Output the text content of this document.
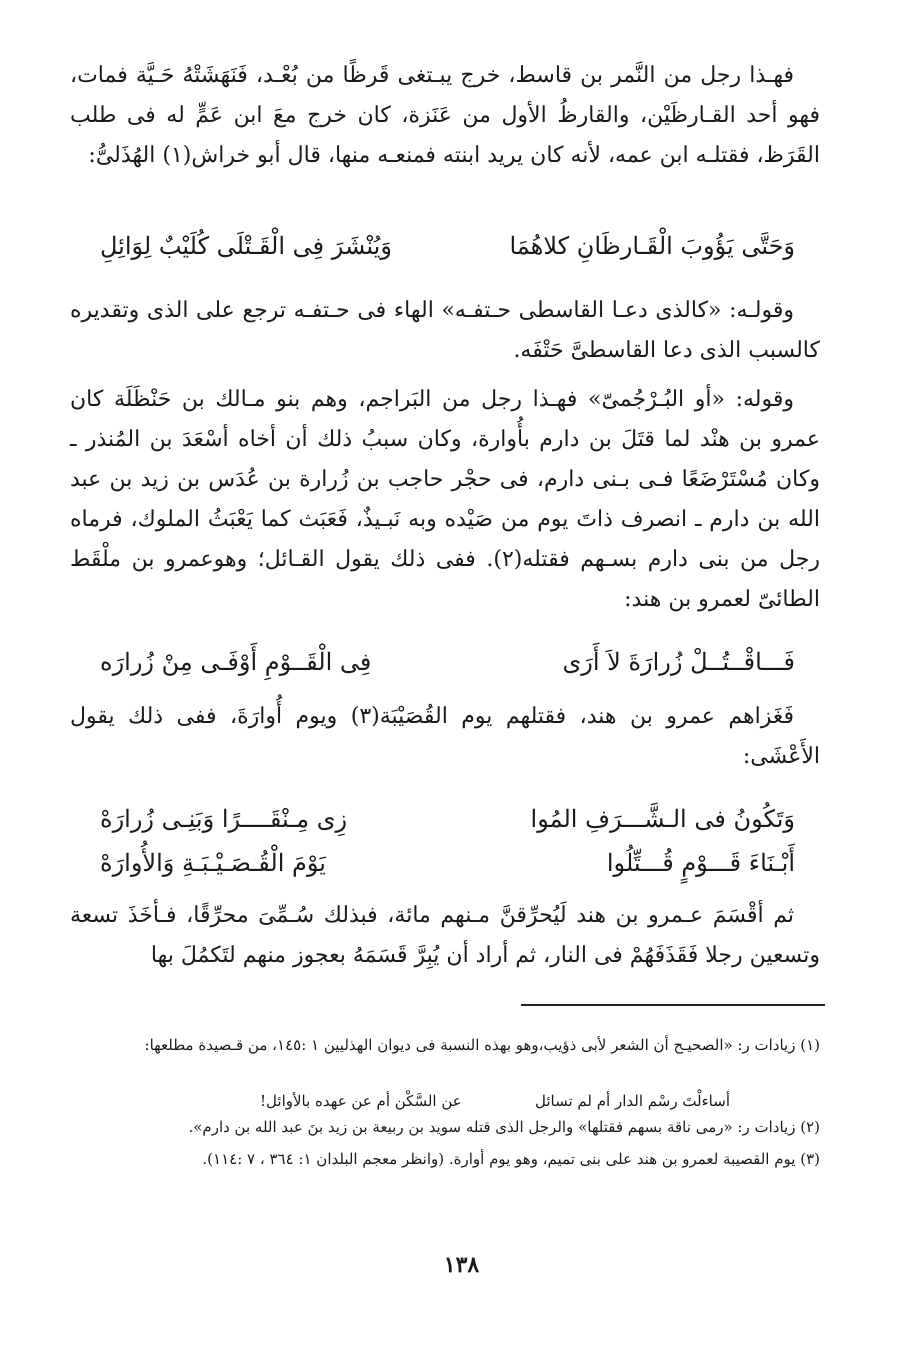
فهـذا رجل من النَّمر بن قاسط، خرج يبـتغى قَرظًا من بُعْـد، فَنَهَشَتْهُ حَـيَّة فمات، فهو أحد القـارظَيْن، والقارظُ الأول من عَنَزة، كان خرج معَ ابن عَمٍّ له فى طلب القَرَظ، فقتلـه ابن عمه، لأنه كان يريد ابنته فمنعـه منها، قال أبو خراش(١) الهُذَلىُّ:

وَحَتَّى يَؤُوبَ الْقَـارظَانِ كلاهُمَا
وَيُنْشَرَ فِى الْقَـتْلَى كُلَيْبٌ لِوَائِلِ

وقولـه: «كالذى دعـا القاسطى حـتفـه» الهاء فى حـتفـه ترجع على الذى وتقديره كالسبب الذى دعا القاسطىَّ حَتْفَه.

وقوله: «أو البُـرْجُمىّ» فهـذا رجل من البَراجم، وهم بنو مـالك بن حَنْظَلَة كان عمرو بن هنْد لما قتَلَ بن دارم بأُوارة، وكان سببُ ذلك أن أخاه أسْعَدَ بن المُنذر ـ وكان مُسْتَرْضَعًا فـى بـنى دارم، فى حجْر حاجب بن زُرارة بن عُدَس بن زيد بن عبد الله بن دارم ـ انصرف ذاتَ يوم من صَيْده وبه نَبـيذٌ، فَعَبَث كما يَعْبَثُ الملوك، فرماه رجل من بنى دارم بسـهم فقتله(٢). ففى ذلك يقول القـائل؛ وهوعمرو بن ملْقَط الطائىّ لعمرو بن هند:

فَـــاقْــتُــلْ زُرارَةَ لاَ أَرَى
فِى الْقَــوْمِ أَوْفَـى مِنْ زُرارَه

فَغَزاهم عمرو بن هند، فقتلهم يوم القُصَيْبَة(٣) ويوم أُوارَةَ، ففى ذلك يقول الأَعْشَى:

وَتَكُونُ فى الـشَّـــرَفِ المُوا
زِى مِـنْقَــــرًا وَبَنِـى زُرارَهْ
أَبْـنَاءَ قَـــوْمٍ قُـــتِّلُوا
يَوْمَ الْقُـصَـيْـبَـةِ وَالأُوارَهْ

ثم أقْسَمَ عـمرو بن هند لَيُحرِّقنَّ مـنهم مائة، فبذلك سُـمِّىَ محرِّقًا، فـأخَذَ تسعة وتسعين رجلا فَقَذَفَهُمْ فى النار، ثم أراد أن يُبِرَّ قَسَمَهُ بعجوز منهم لتَكمُلَ بها

(١) زيادات ر: «الصحيـح أن الشعر لأبى ذؤيب،وهو بهذه النسبة فى ديوان الهذليين ١ :١٤٥، من قـصيدة مطلعها:

أساءلْتَ رسْم الدار أم لم تسائل
عن السَّكْن أم عن عهده بالأوائل!

(٢) زيادات ر: «رمى ناقة بسهم فقتلها» والرجل الذى قتله سويد بن ربيعة بن زيد بنَ عبد الله بن دارم».

(٣) يوم القصيبة لعمرو بن هند على بنى تميم، وهو يوم أوارة. (وانظر معجم البلدان ١: ٣٦٤ ، ٧ :١١٤).

١٣٨
